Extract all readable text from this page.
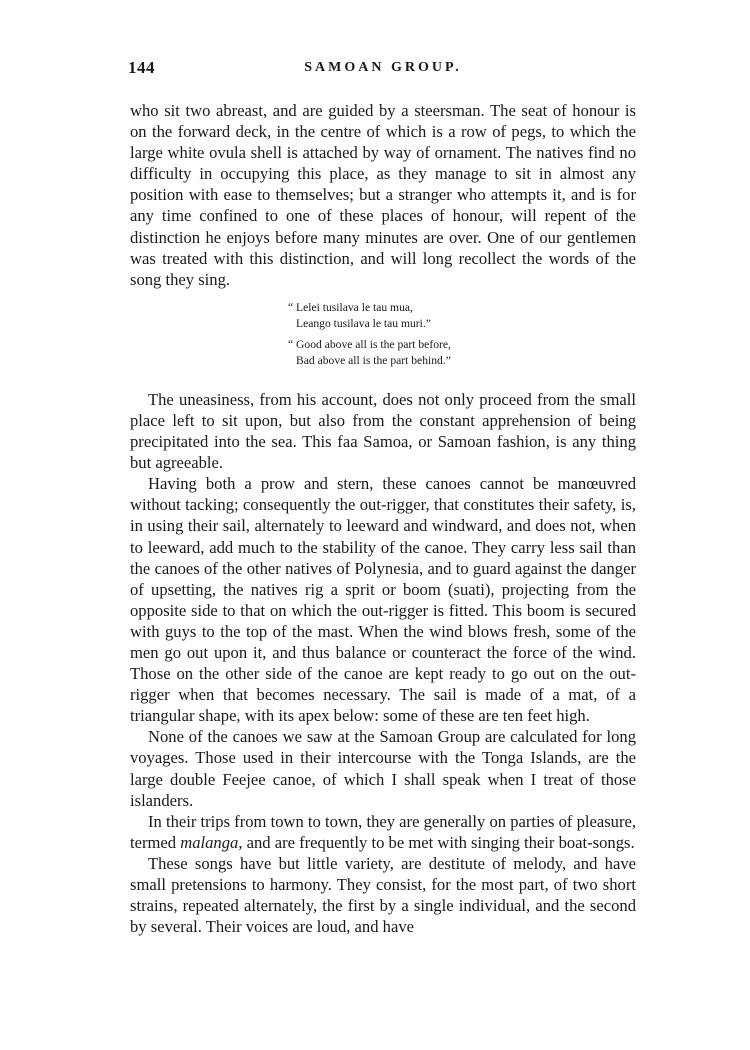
144	SAMOAN GROUP.

who sit two abreast, and are guided by a steersman. The seat of honour is on the forward deck, in the centre of which is a row of pegs, to which the large white ovula shell is attached by way of ornament. The natives find no difficulty in occupying this place, as they manage to sit in almost any position with ease to themselves; but a stranger who attempts it, and is for any time confined to one of these places of honour, will repent of the distinction he enjoys before many minutes are over. One of our gentlemen was treated with this distinction, and will long recollect the words of the song they sing.

“ Lelei tusilava le tau mua,
Leango tusilava le tau muri.”
“ Good above all is the part before,
Bad above all is the part behind.”

The uneasiness, from his account, does not only proceed from the small place left to sit upon, but also from the constant apprehension of being precipitated into the sea. This faa Samoa, or Samoan fashion, is any thing but agreeable.

Having both a prow and stern, these canoes cannot be manœuvred without tacking; consequently the out-rigger, that constitutes their safety, is, in using their sail, alternately to leeward and windward, and does not, when to leeward, add much to the stability of the canoe. They carry less sail than the canoes of the other natives of Polynesia, and to guard against the danger of upsetting, the natives rig a sprit or boom (suati), projecting from the opposite side to that on which the out-rigger is fitted. This boom is secured with guys to the top of the mast. When the wind blows fresh, some of the men go out upon it, and thus balance or counteract the force of the wind. Those on the other side of the canoe are kept ready to go out on the out-rigger when that becomes necessary. The sail is made of a mat, of a triangular shape, with its apex below: some of these are ten feet high.

None of the canoes we saw at the Samoan Group are calculated for long voyages. Those used in their intercourse with the Tonga Islands, are the large double Feejee canoe, of which I shall speak when I treat of those islanders.

In their trips from town to town, they are generally on parties of pleasure, termed malanga, and are frequently to be met with singing their boat-songs.

These songs have but little variety, are destitute of melody, and have small pretensions to harmony. They consist, for the most part, of two short strains, repeated alternately, the first by a single individual, and the second by several. Their voices are loud, and have
